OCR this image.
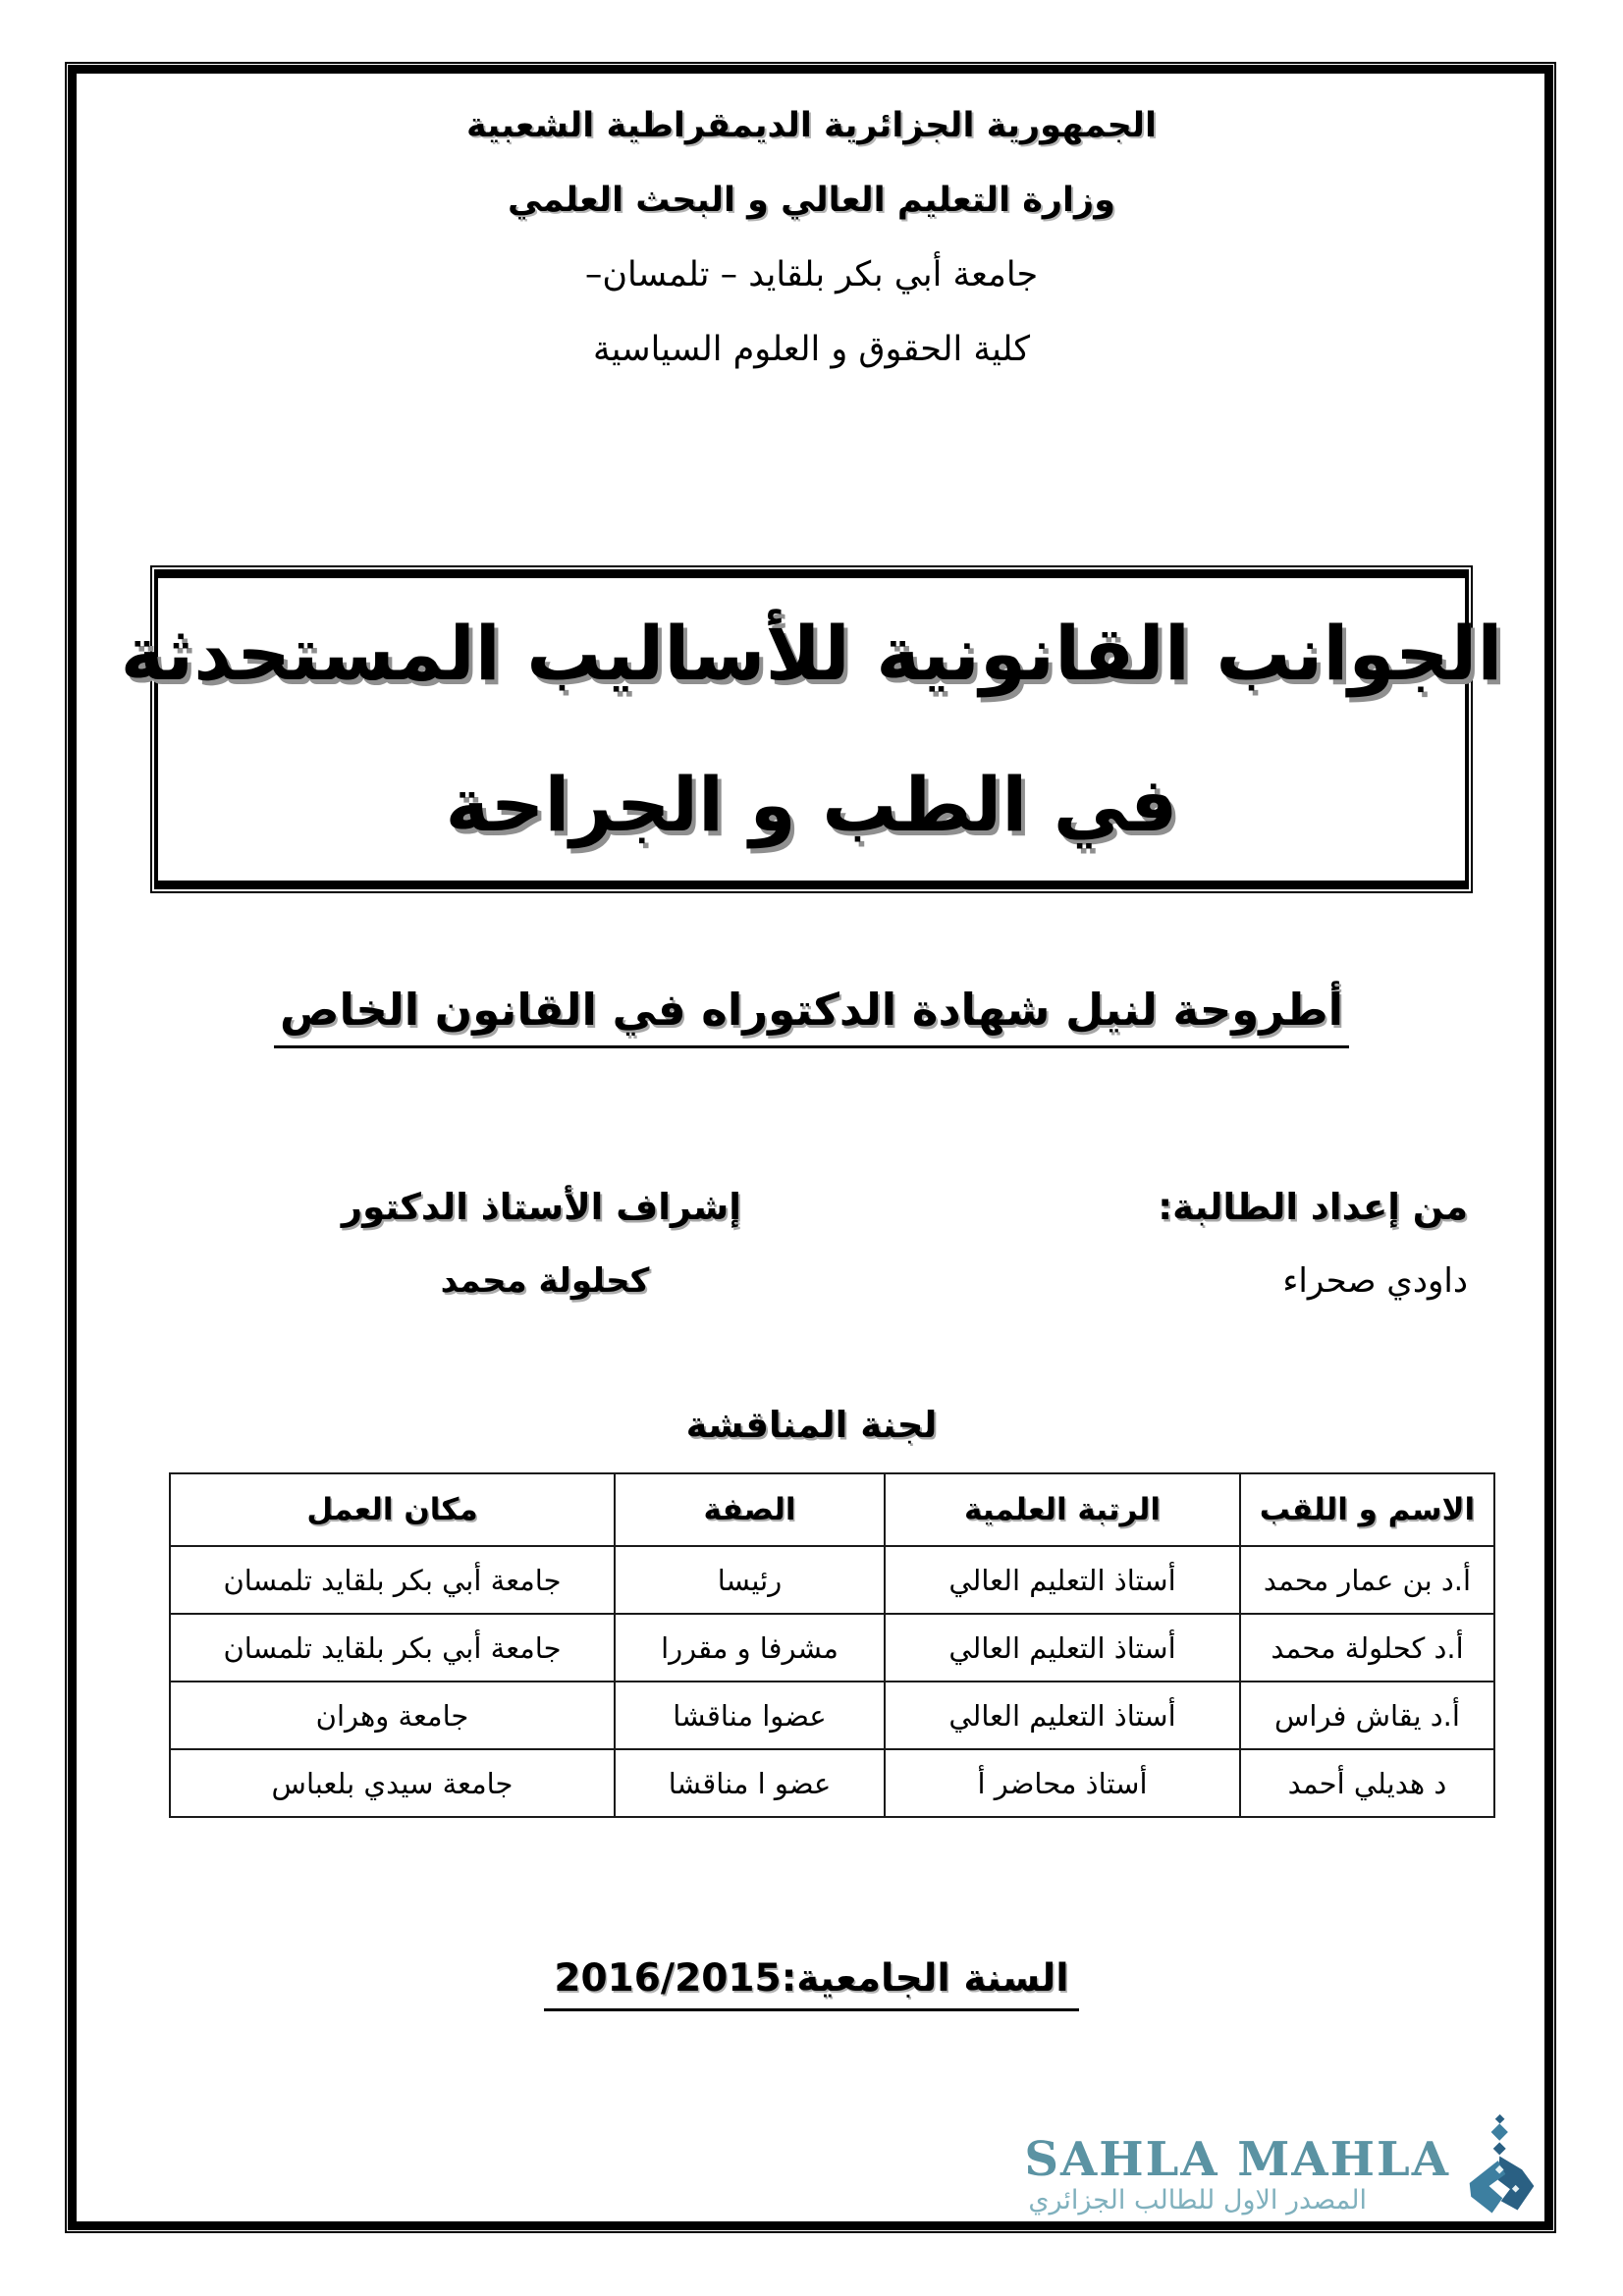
الجمهورية الجزائرية الديمقراطية الشعبية
وزارة التعليم العالي و البحث العلمي
جامعة أبي بكر بلقايد – تلمسان–
كلية الحقوق و العلوم السياسية
الجوانب القانونية للأساليب المستحدثة
في الطب و الجراحة
أطروحة لنيل شهادة الدكتوراه في القانون الخاص
من إعداد الطالبة:
داودي صحراء
إشراف الأستاذ الدكتور
كحلولة محمد
لجنة المناقشة
الاسم و اللقب	الرتبة العلمية	الصفة	مكان العمل
أ.د بن عمار محمد	أستاذ التعليم العالي	رئيسا	جامعة أبي بكر بلقايد تلمسان
أ.د كحلولة محمد	أستاذ التعليم العالي	مشرفا و مقررا	جامعة أبي بكر بلقايد تلمسان
أ.د يقاش فراس	أستاذ التعليم العالي	عضوا مناقشا	جامعة وهران
د هديلي أحمد	أستاذ محاضر أ	عضو ا مناقشا	جامعة سيدي بلعباس
السنة الجامعية:2016/2015
SAHLA MAHLA
المصدر الاول للطالب الجزائري
